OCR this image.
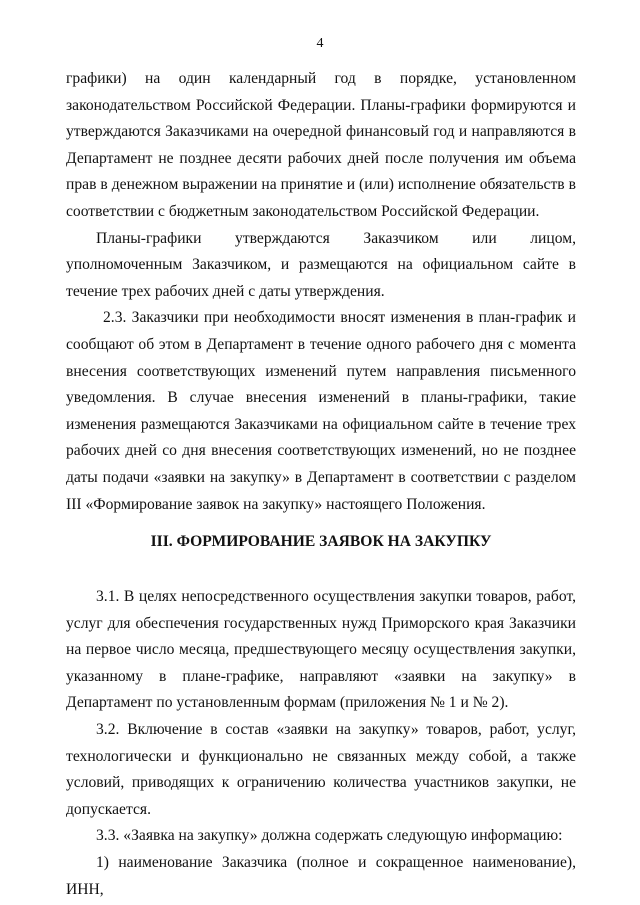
4

графики) на один календарный год в порядке, установленном законодательством Российской Федерации. Планы-графики формируются и утверждаются Заказчиками на очередной финансовый год и направляются в Департамент не позднее десяти рабочих дней после получения им объема прав в денежном выражении на принятие и (или) исполнение обязательств в соответствии с бюджетным законодательством Российской Федерации.

Планы-графики утверждаются Заказчиком или лицом, уполномоченным Заказчиком, и размещаются на официальном сайте в течение трех рабочих дней с даты утверждения.

2.3. Заказчики при необходимости вносят изменения в план-график и сообщают об этом в Департамент в течение одного рабочего дня с момента внесения соответствующих изменений путем направления письменного уведомления. В случае внесения изменений в планы-графики, такие изменения размещаются Заказчиками на официальном сайте в течение трех рабочих дней со дня внесения соответствующих изменений, но не позднее даты подачи «заявки на закупку» в Департамент в соответствии с разделом III «Формирование заявок на закупку» настоящего Положения.

III. ФОРМИРОВАНИЕ ЗАЯВОК НА ЗАКУПКУ

3.1. В целях непосредственного осуществления закупки товаров, работ, услуг для обеспечения государственных нужд Приморского края Заказчики на первое число месяца, предшествующего месяцу осуществления закупки, указанному в плане-графике, направляют «заявки на закупку» в Департамент по установленным формам (приложения № 1 и № 2).

3.2. Включение в состав «заявки на закупку» товаров, работ, услуг, технологически и функционально не связанных между собой, а также условий, приводящих к ограничению количества участников закупки, не допускается.

3.3. «Заявка на закупку» должна содержать следующую информацию:

1) наименование Заказчика (полное и сокращенное наименование), ИНН,
